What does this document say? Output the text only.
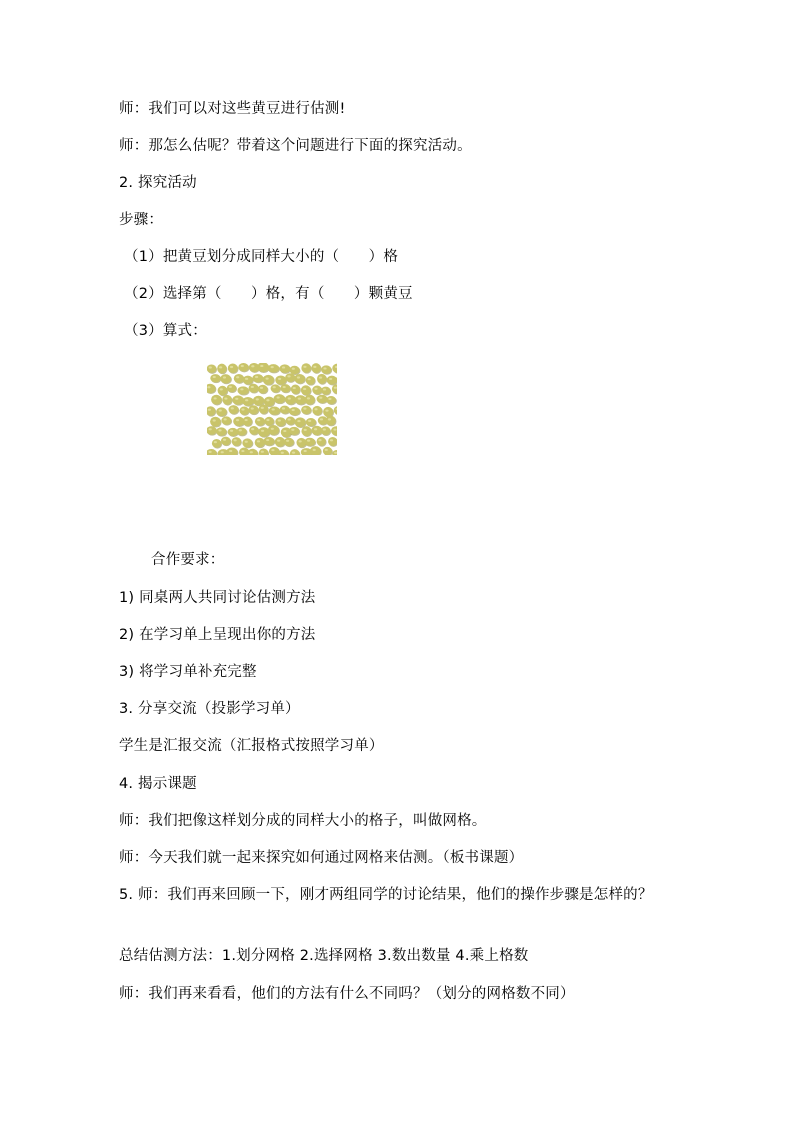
师：我们可以对这些黄豆进行估测!
师：那怎么估呢？带着这个问题进行下面的探究活动。
2. 探究活动
步骤：
（1）把黄豆划分成同样大小的（　　）格
（2）选择第（　　）格，有（　　）颗黄豆
（3）算式：
合作要求：
1) 同桌两人共同讨论估测方法
2) 在学习单上呈现出你的方法
3) 将学习单补充完整
3. 分享交流（投影学习单）
学生是汇报交流（汇报格式按照学习单）
4. 揭示课题
师：我们把像这样划分成的同样大小的格子，叫做网格。
师：今天我们就一起来探究如何通过网格来估测。（板书课题）
5. 师：我们再来回顾一下，刚才两组同学的讨论结果，他们的操作步骤是怎样的？
总结估测方法：1.划分网格 2.选择网格 3.数出数量 4.乘上格数
师：我们再来看看，他们的方法有什么不同吗？（划分的网格数不同）
